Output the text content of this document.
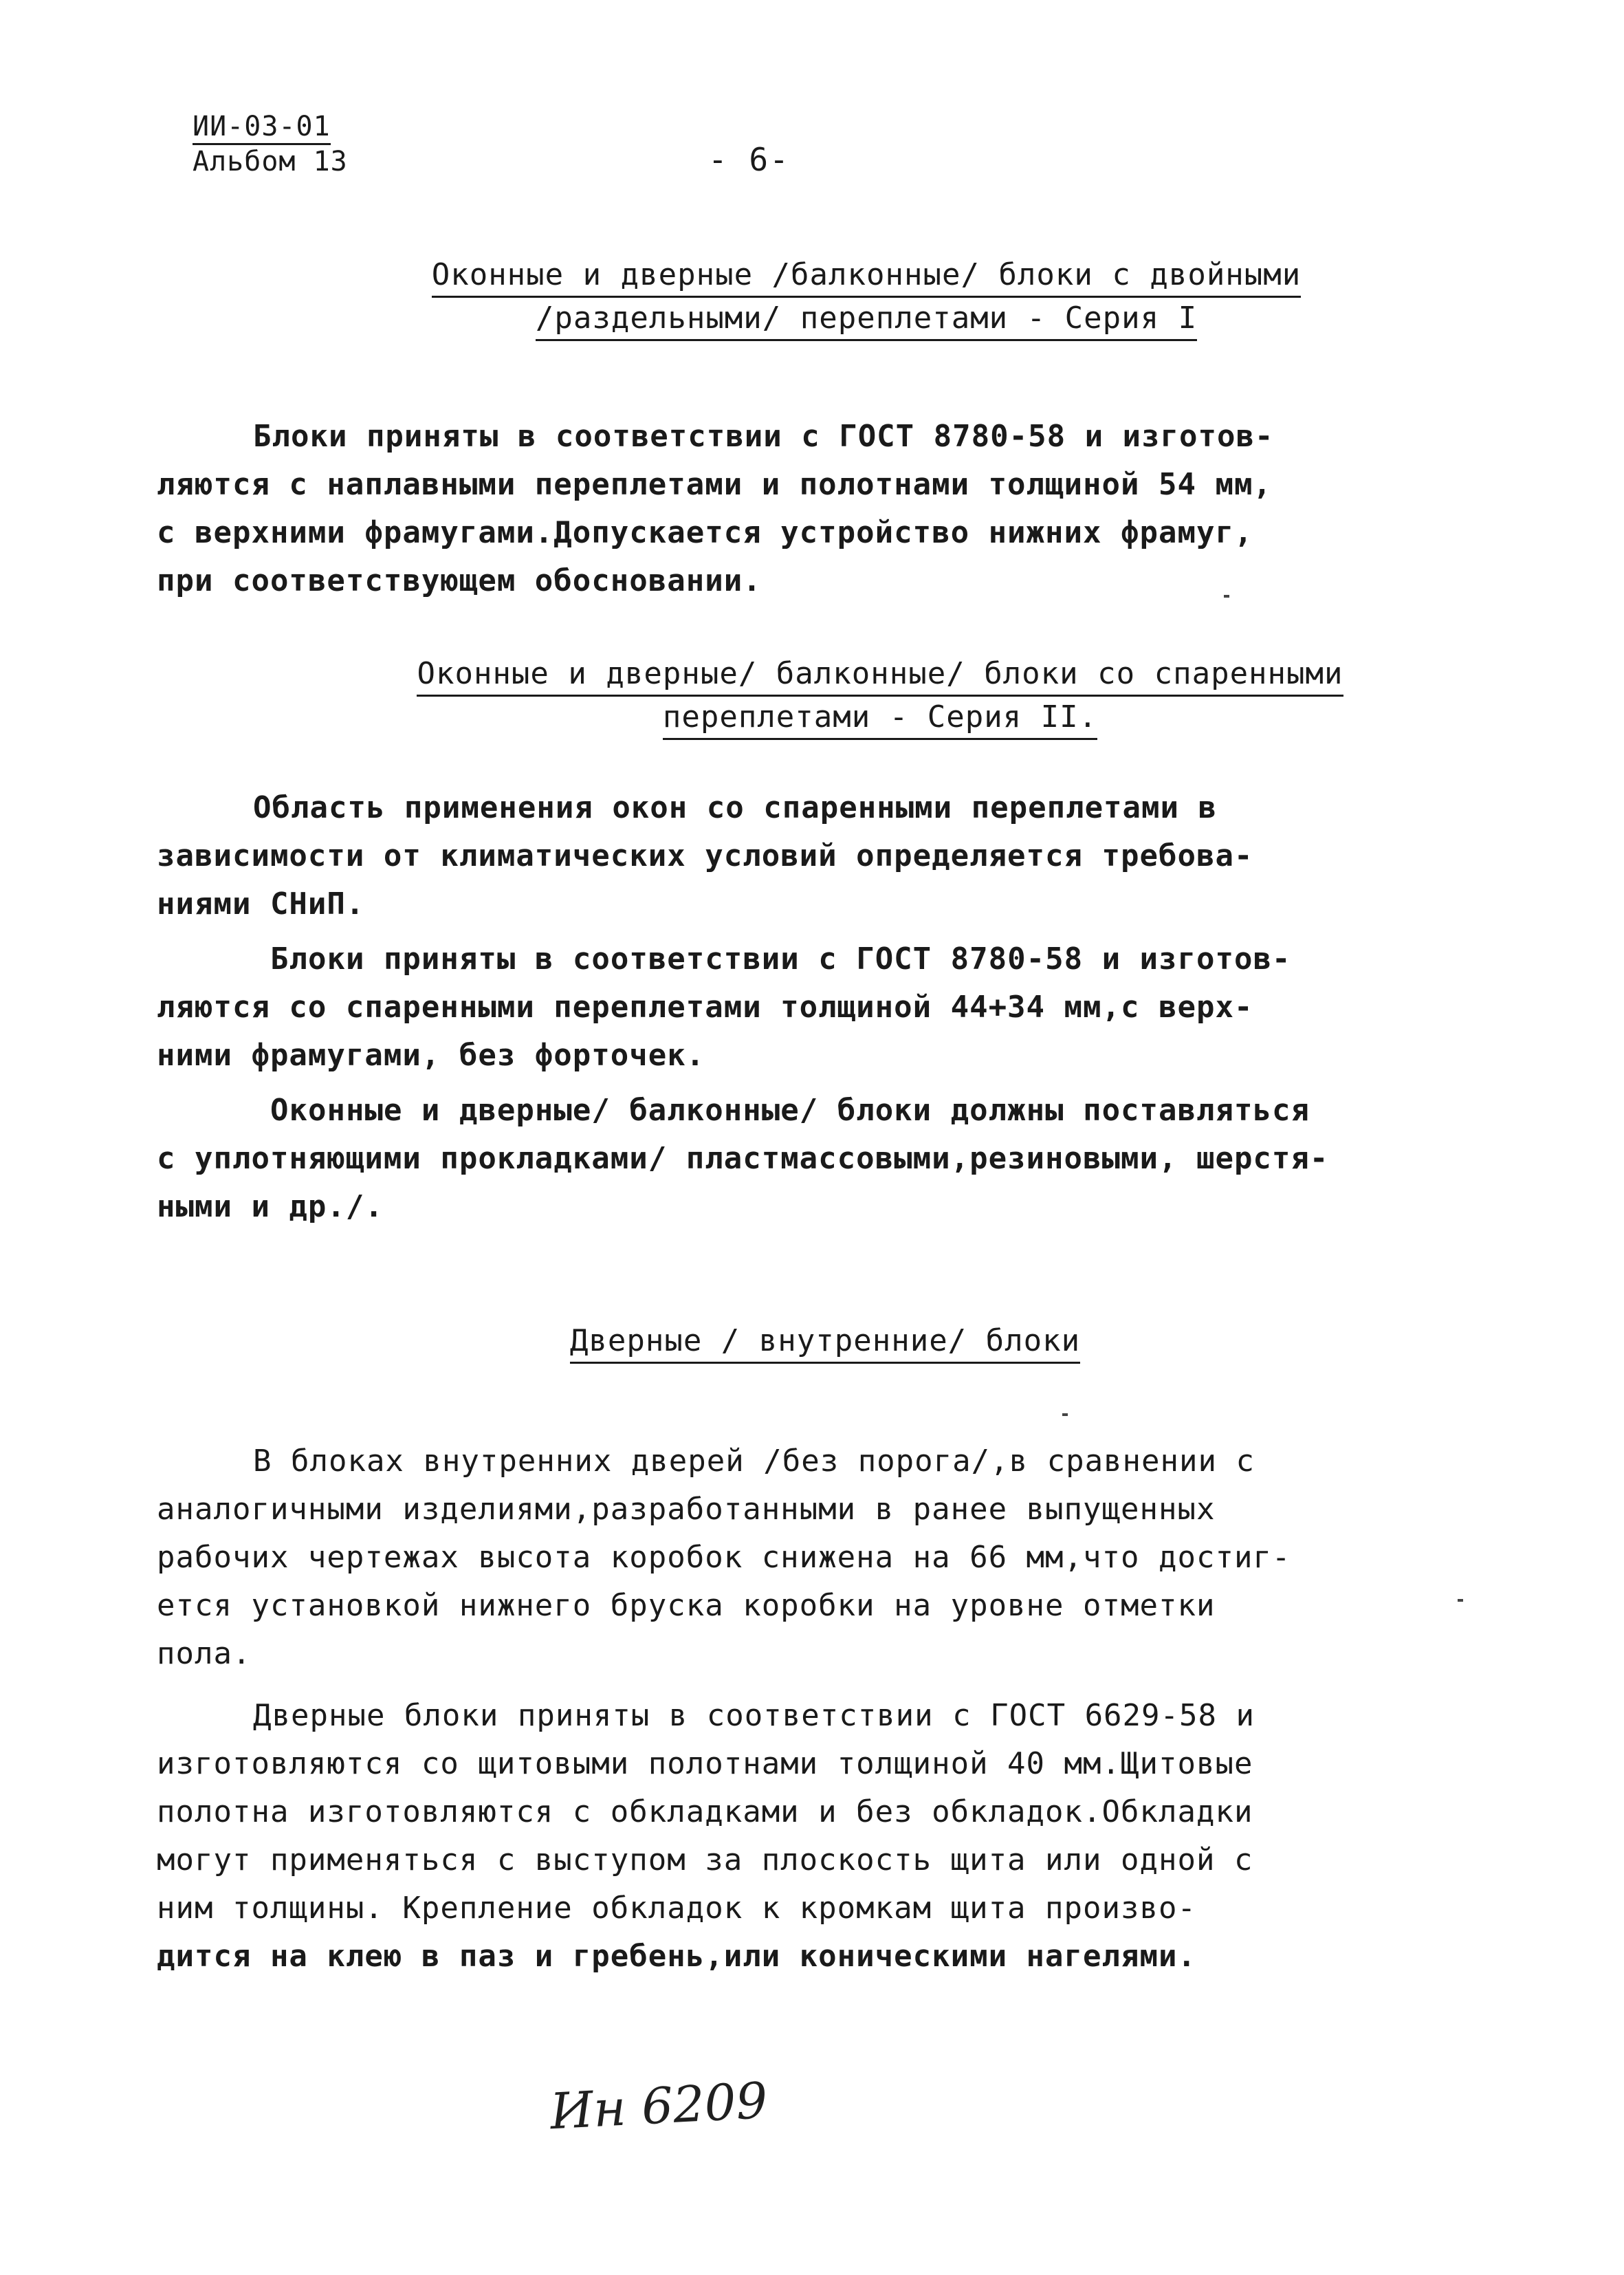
ИИ-03-01
Альбом 13	- 6-
Оконные и дверные /балконные/ блоки с двойными
/раздельными/ переплетами - Серия I
Блоки приняты в соответствии с ГОСТ 8780-58 и изготов-
ляются с наплавными переплетами и полотнами толщиной 54 мм,
с верхними фрамугами.Допускается устройство нижних фрамуг,
при соответствующем обосновании.
Оконные и дверные/ балконные/ блоки со спаренными
переплетами - Серия II.
Область применения окон со спаренными переплетами в
зависимости от климатических условий определяется требова-
ниями СНиП.
Блоки приняты в соответствии с ГОСТ 8780-58 и изготов-
ляются со спаренными переплетами толщиной 44+34 мм,с верх-
ними фрамугами, без форточек.
Оконные и дверные/ балконные/ блоки должны поставляться
с уплотняющими прокладками/ пластмассовыми,резиновыми, шерстя-
ными и др./.
Дверные / внутренние/ блоки
В блоках внутренних дверей /без порога/,в сравнении с
аналогичными изделиями,разработанными в ранее выпущенных
рабочих чертежах высота коробок снижена на 66 мм,что достиг-
ется установкой нижнего бруска коробки на уровне отметки
пола.
Дверные блоки приняты в соответствии с ГОСТ 6629-58 и
изготовляются со щитовыми полотнами толщиной 40 мм.Щитовые
полотна изготовляются с обкладками и без обкладок.Обкладки
могут применяться с выступом за плоскость щита или одной с
ним толщины. Крепление обкладок к кромкам щита произво-
дится на клею в паз и гребень,или коническими нагелями.
Ин 6209
